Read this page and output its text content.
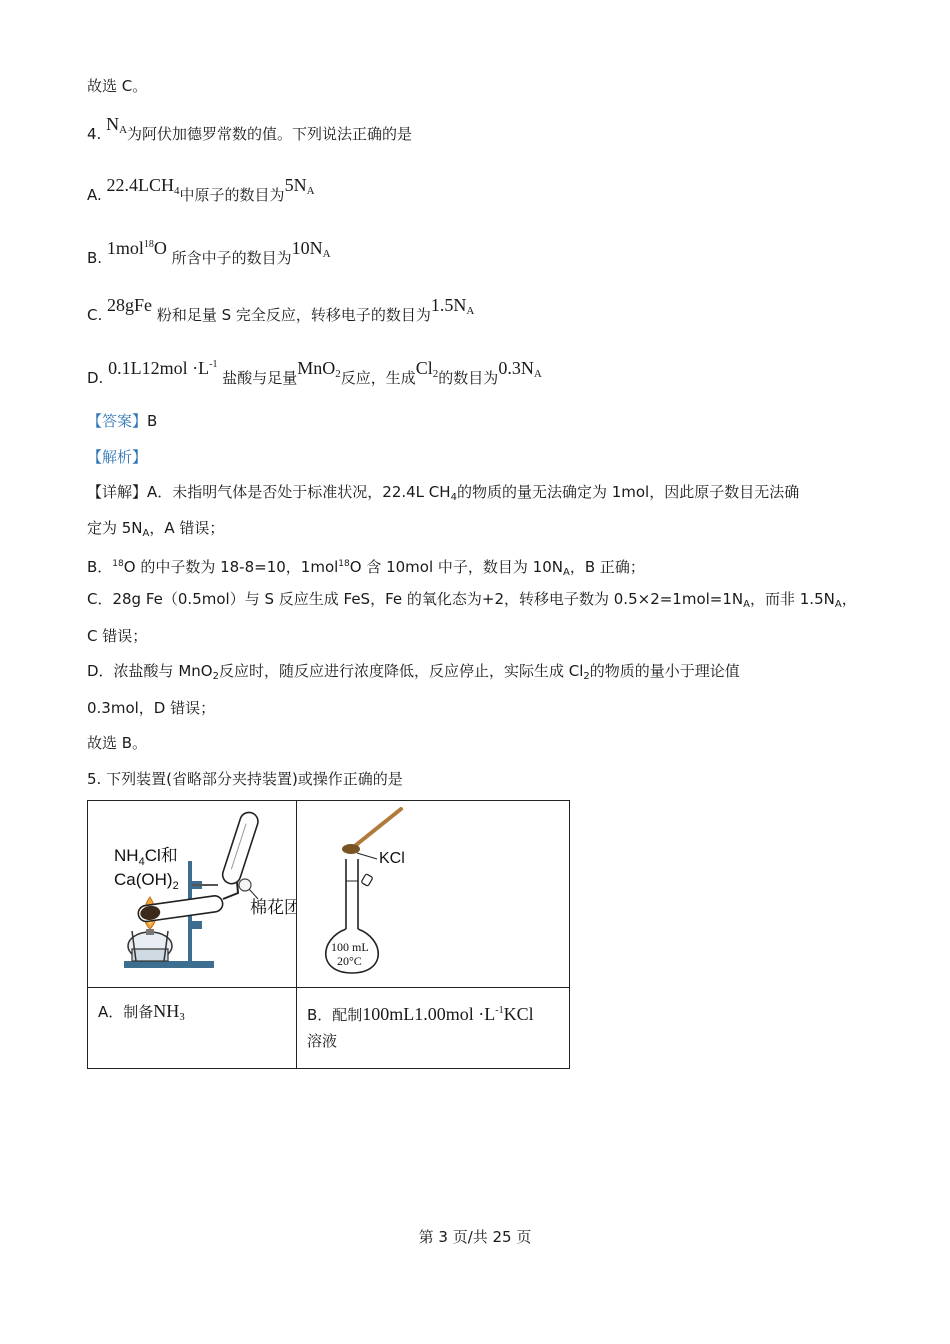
故选 C。
4. NA为阿伏加德罗常数的值。下列说法正确的是
A. 22.4LCH4中原子的数目为5NA
B. 1mol$^{18}$O 所含中子的数目为10NA
C. 28gFe 粉和足量 S 完全反应，转移电子的数目为1.5NA
D. $0.1L12mol \cdot L^{-1}$ 盐酸与足量MnO2反应，生成Cl2的数目为0.3NA
【答案】B
【解析】
【详解】A．未指明气体是否处于标准状况，22.4L $CH_4$的物质的量无法确定为 1mol，因此原子数目无法确
定为 $5N_A$，A 错误；
B．$^{18}$O 的中子数为 18-8=10，1mol$^{18}$O 含 10mol 中子，数目为 $10N_A$，B 正确；
C．28g Fe（0.5mol）与 S 反应生成 FeS，Fe 的氧化态为+2，转移电子数为 $0.5\times 2=1mol=1N_A$，而非 $1.5N_A$，
C 错误；
D．浓盐酸与 MnO$_2$反应时，随反应进行浓度降低，反应停止，实际生成 $Cl_2$的物质的量小于理论值
0.3mol，D 错误；
故选 B。
5. 下列装置(省略部分夹持装置)或操作正确的是
$NH_4Cl$和
$Ca(OH)_2$
棉花团	KCl
100 mL
20°C

A．制备NH3	B．配制$100mL1.00mol \cdot L^{-1}KCl$
溶液
第 3 页/共 25 页
